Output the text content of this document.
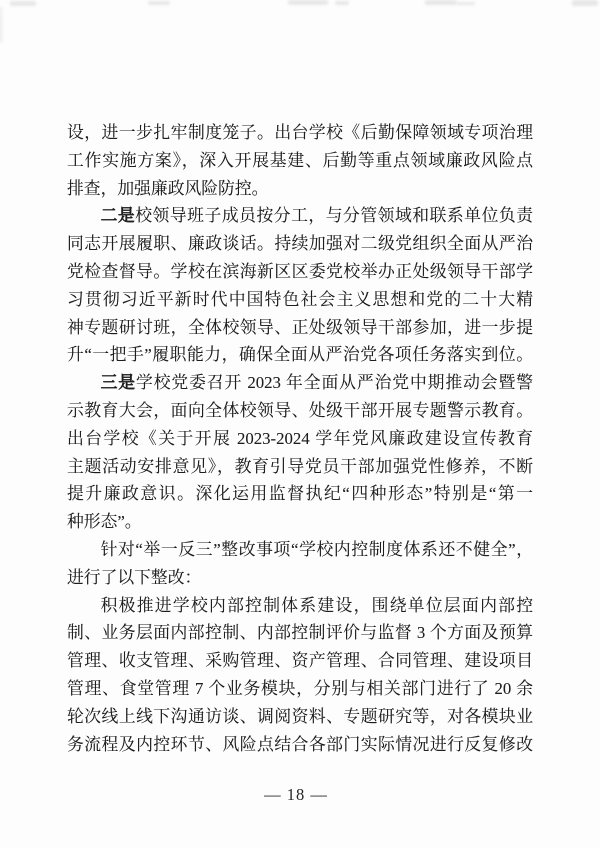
设，进一步扎牢制度笼子。出台学校《后勤保障领域专项治理
工作实施方案》，深入开展基建、后勤等重点领域廉政风险点
排查，加强廉政风险防控。
二是校领导班子成员按分工，与分管领域和联系单位负责
同志开展履职、廉政谈话。持续加强对二级党组织全面从严治
党检查督导。学校在滨海新区区委党校举办正处级领导干部学
习贯彻习近平新时代中国特色社会主义思想和党的二十大精
神专题研讨班，全体校领导、正处级领导干部参加，进一步提
升“一把手”履职能力，确保全面从严治党各项任务落实到位。
三是学校党委召开 2023 年全面从严治党中期推动会暨警
示教育大会，面向全体校领导、处级干部开展专题警示教育。
出台学校《关于开展 2023-2024 学年党风廉政建设宣传教育
主题活动安排意见》，教育引导党员干部加强党性修养，不断
提升廉政意识。深化运用监督执纪“四种形态”特别是“第一
种形态”。
针对“举一反三”整改事项“学校内控制度体系还不健全”，
进行了以下整改：
积极推进学校内部控制体系建设，围绕单位层面内部控
制、业务层面内部控制、内部控制评价与监督 3 个方面及预算
管理、收支管理、采购管理、资产管理、合同管理、建设项目
管理、食堂管理 7 个业务模块，分别与相关部门进行了 20 余
轮次线上线下沟通访谈、调阅资料、专题研究等，对各模块业
务流程及内控环节、风险点结合各部门实际情况进行反复修改
— 18 —
